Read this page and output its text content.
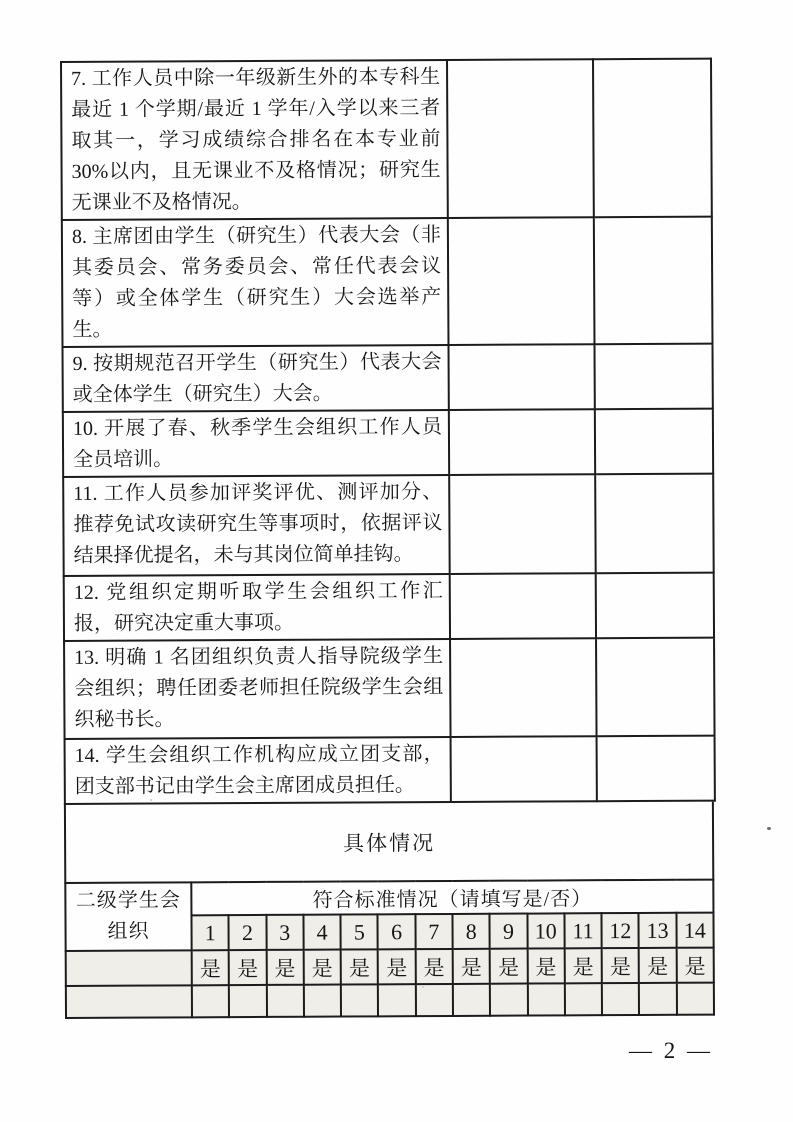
7. 工作人员中除一年级新生外的本专科生最近 1 个学期/最近 1 学年/入学以来三者取其一，学习成绩综合排名在本专业前 30%以内，且无课业不及格情况；研究生无课业不及格情况。		
8. 主席团由学生（研究生）代表大会（非其委员会、常务委员会、常任代表会议等）或全体学生（研究生）大会选举产生。		
9. 按期规范召开学生（研究生）代表大会或全体学生（研究生）大会。		
10. 开展了春、秋季学生会组织工作人员全员培训。		
11. 工作人员参加评奖评优、测评加分、推荐免试攻读研究生等事项时，依据评议结果择优提名，未与其岗位简单挂钩。		
12. 党组织定期听取学生会组织工作汇报，研究决定重大事项。		
13. 明确 1 名团组织负责人指导院级学生会组织；聘任团委老师担任院级学生会组织秘书长。		
14. 学生会组织工作机构应成立团支部，团支部书记由学生会主席团成员担任。		
具体情况
二级学生会
组织	符合标准情况（请填写是/否）													
	1	2	3	4	5	6	7	8	9	10	11	12	13	14
	是	是	是	是	是	是	是	是	是	是	是	是	是	是

— 2 —
